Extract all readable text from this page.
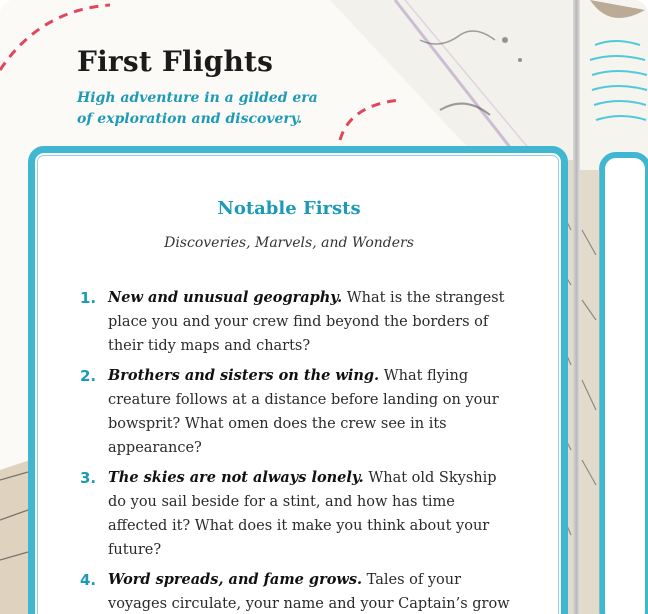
First Flights

High adventure in a gilded era of exploration and discovery.

Notable Firsts

Discoveries, Marvels, and Wonders

1. New and unusual geography. What is the strangest place you and your crew find beyond the borders of their tidy maps and charts?
2. Brothers and sisters on the wing. What flying creature follows at a distance before landing on your bowsprit? What omen does the crew see in its appearance?
3. The skies are not always lonely. What old Skyship do you sail beside for a stint, and how has time affected it? What does it make you think about your future?
4. Word spreads, and fame grows. Tales of your voyages circulate, your name and your Captain’s grow
